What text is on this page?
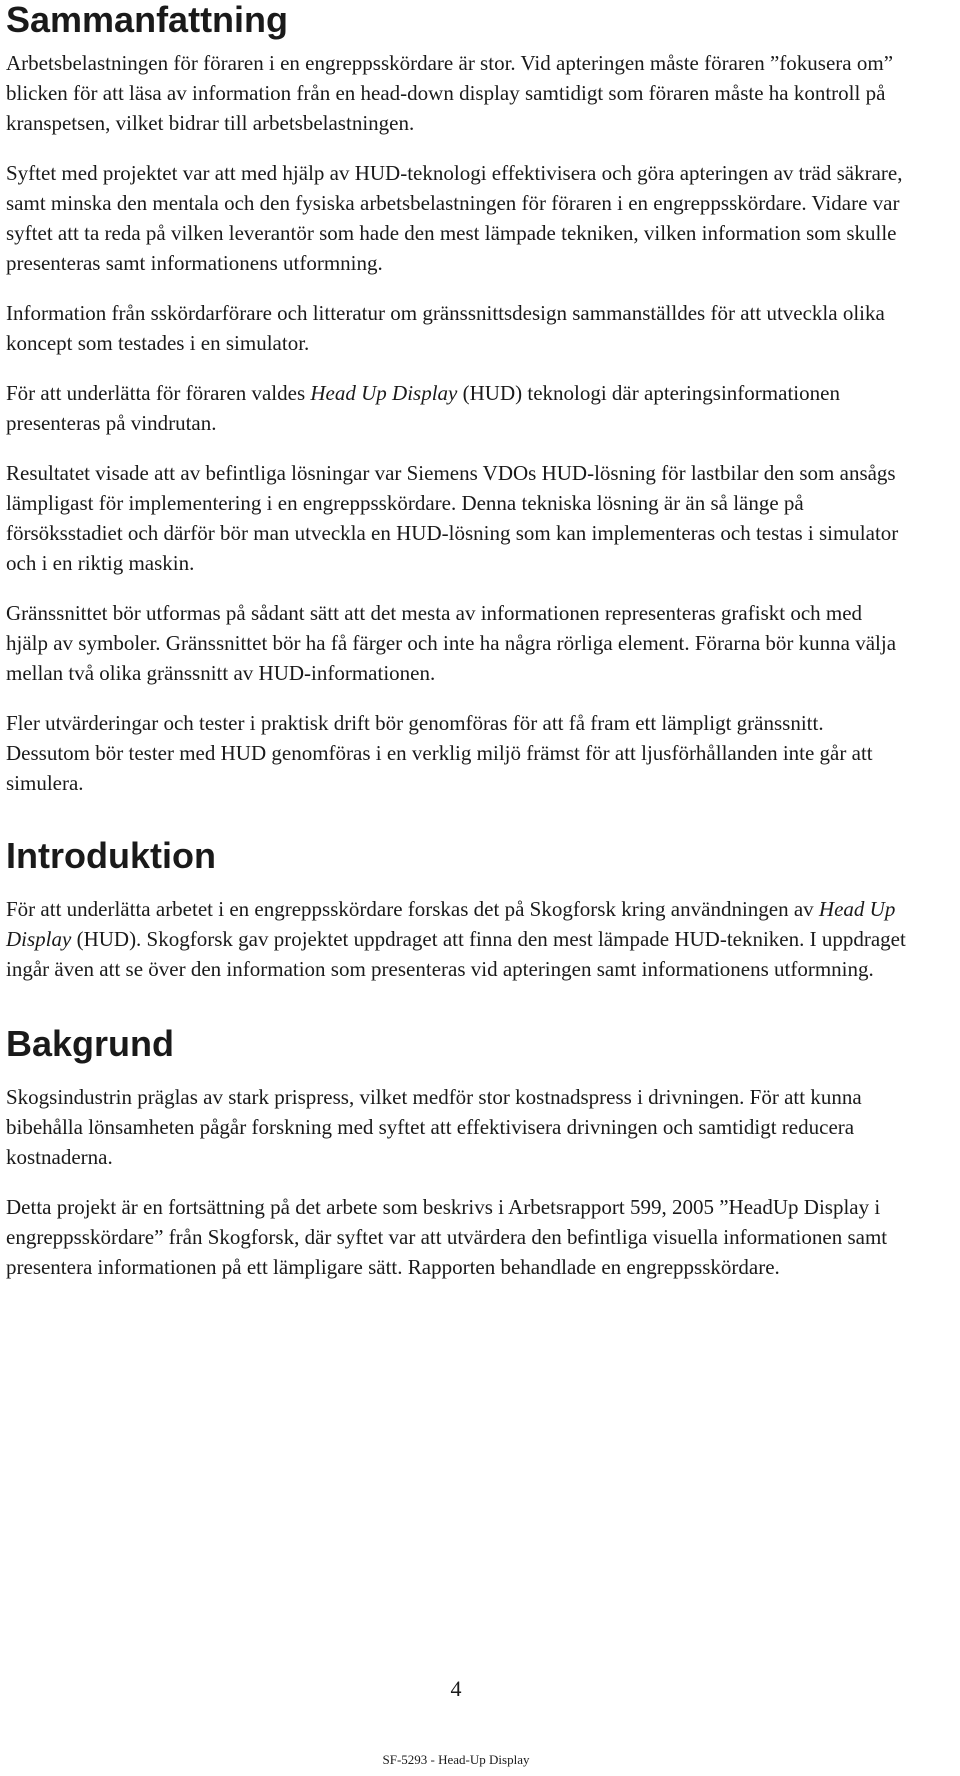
Sammanfattning

Arbetsbelastningen för föraren i en engreppsskördare är stor. Vid apteringen måste föraren ”fokusera om” blicken för att läsa av information från en head-down display samtidigt som föraren måste ha kontroll på kranspetsen, vilket bidrar till arbetsbelastningen.

Syftet med projektet var att med hjälp av HUD-teknologi effektivisera och göra apteringen av träd säkrare, samt minska den mentala och den fysiska arbetsbelastningen för föraren i en engreppsskördare. Vidare var syftet att ta reda på vilken leverantör som hade den mest lämpade tekniken, vilken information som skulle presenteras samt informationens utformning.

Information från sskördarförare och litteratur om gränssnittsdesign sammanställdes för att utveckla olika koncept som testades i en simulator.

För att underlätta för föraren valdes Head Up Display (HUD) teknologi där apteringsinformationen presenteras på vindrutan.

Resultatet visade att av befintliga lösningar var Siemens VDOs HUD-lösning för lastbilar den som ansågs lämpligast för implementering i en engreppsskördare. Denna tekniska lösning är än så länge på försöksstadiet och därför bör man utveckla en HUD-lösning som kan implementeras och testas i simulator och i en riktig maskin.

Gränssnittet bör utformas på sådant sätt att det mesta av informationen representeras grafiskt och med hjälp av symboler. Gränssnittet bör ha få färger och inte ha några rörliga element. Förarna bör kunna välja mellan två olika gränssnitt av HUD-informationen.

Fler utvärderingar och tester i praktisk drift bör genomföras för att få fram ett lämpligt gränssnitt. Dessutom bör tester med HUD genomföras i en verklig miljö främst för att ljusförhållanden inte går att simulera.

Introduktion

För att underlätta arbetet i en engreppsskördare forskas det på Skogforsk kring användningen av Head Up Display (HUD). Skogforsk gav projektet uppdraget att finna den mest lämpade HUD-tekniken. I uppdraget ingår även att se över den information som presenteras vid apteringen samt informationens utformning.

Bakgrund

Skogsindustrin präglas av stark prispress, vilket medför stor kostnadspress i drivningen. För att kunna bibehålla lönsamheten pågår forskning med syftet att effektivisera drivningen och samtidigt reducera kostnaderna.

Detta projekt är en fortsättning på det arbete som beskrivs i Arbetsrapport 599, 2005 ”HeadUp Display i engreppsskördare” från Skogforsk, där syftet var att utvärdera den befintliga visuella informationen samt presentera informationen på ett lämpligare sätt. Rapporten behandlade en engreppsskördare.

4
SF-5293 - Head-Up Display
